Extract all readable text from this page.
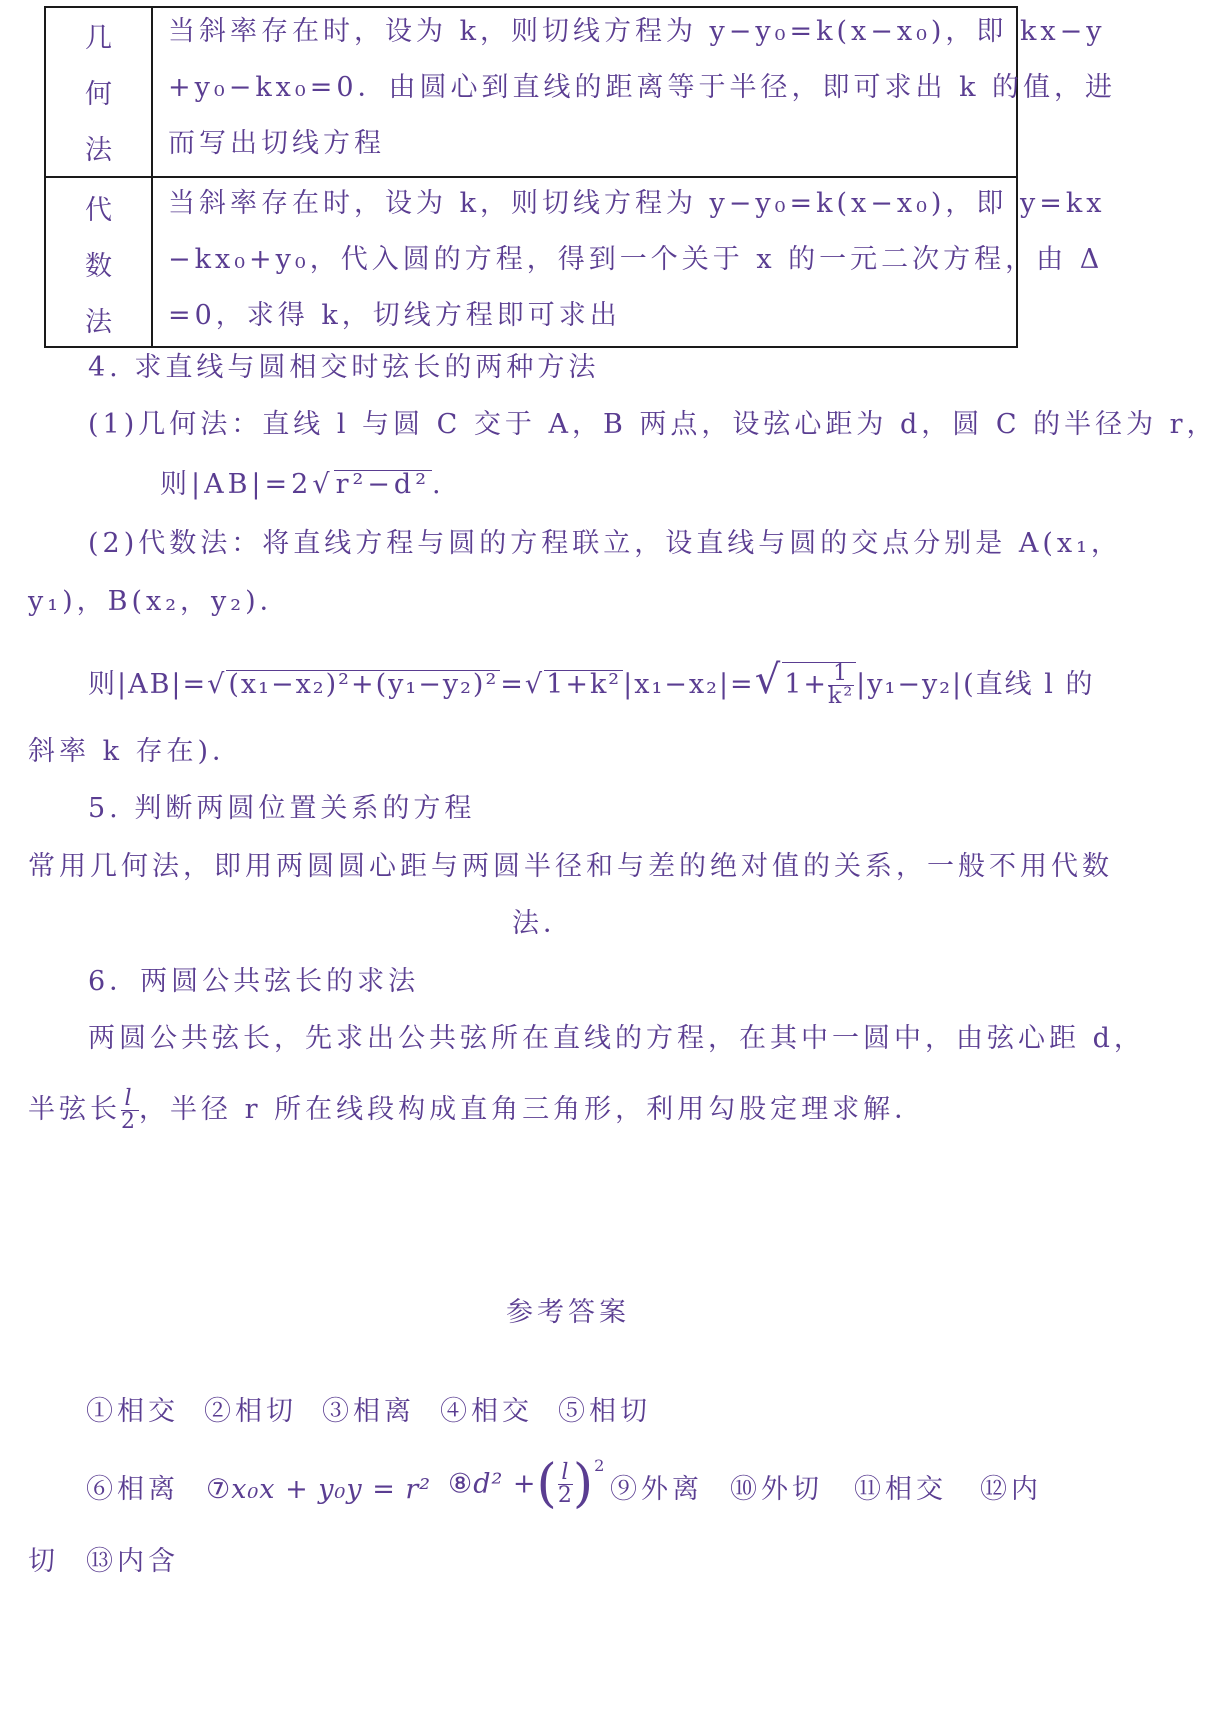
几
何
法
当斜率存在时，设为 k，则切线方程为 y−y₀=k(x−x₀)，即 kx−y
+y₀−kx₀=0．由圆心到直线的距离等于半径，即可求出 k 的值，进
而写出切线方程
代
数
法
当斜率存在时，设为 k，则切线方程为 y−y₀=k(x−x₀)，即 y=kx
−kx₀+y₀，代入圆的方程，得到一个关于 x 的一元二次方程，由 Δ
=0，求得 k，切线方程即可求出
4. 求直线与圆相交时弦长的两种方法
(1)几何法：直线 l 与圆 C 交于 A，B 两点，设弦心距为 d，圆 C 的半径为 r，
则|AB|=2√r²−d².
(2)代数法：将直线方程与圆的方程联立，设直线与圆的交点分别是 A(x₁，
y₁)，B(x₂，y₂)．
则$|AB|=√(x_1-x_2)^2+(y_1-y_2)^2=√1+k^2|x_1-x_2|=√1+ \frac{1}{\text{k²}} |y_1-y_2|$(直线 l 的
斜率 k 存在)．
5. 判断两圆位置关系的方程
常用几何法，即用两圆圆心距与两圆半径和与差的绝对值的关系，一般不用代数
法．
6．两圆公共弦长的求法
两圆公共弦长，先求出公共弦所在直线的方程，在其中一圆中，由弦心距 d，
半弦长 $\frac{l}{2}$ ，半径 r 所在线段构成直角三角形，利用勾股定理求解．
参考答案
①相交 ②相切 ③相离 ④相交 ⑤相切
⑥相离 ⑦x₀x + y₀y = r² ⑧d² +( $\frac{l}{2} )^2$
⑨外离 ⑩外切 ⑪相交 ⑫内
切 ⑬内含
